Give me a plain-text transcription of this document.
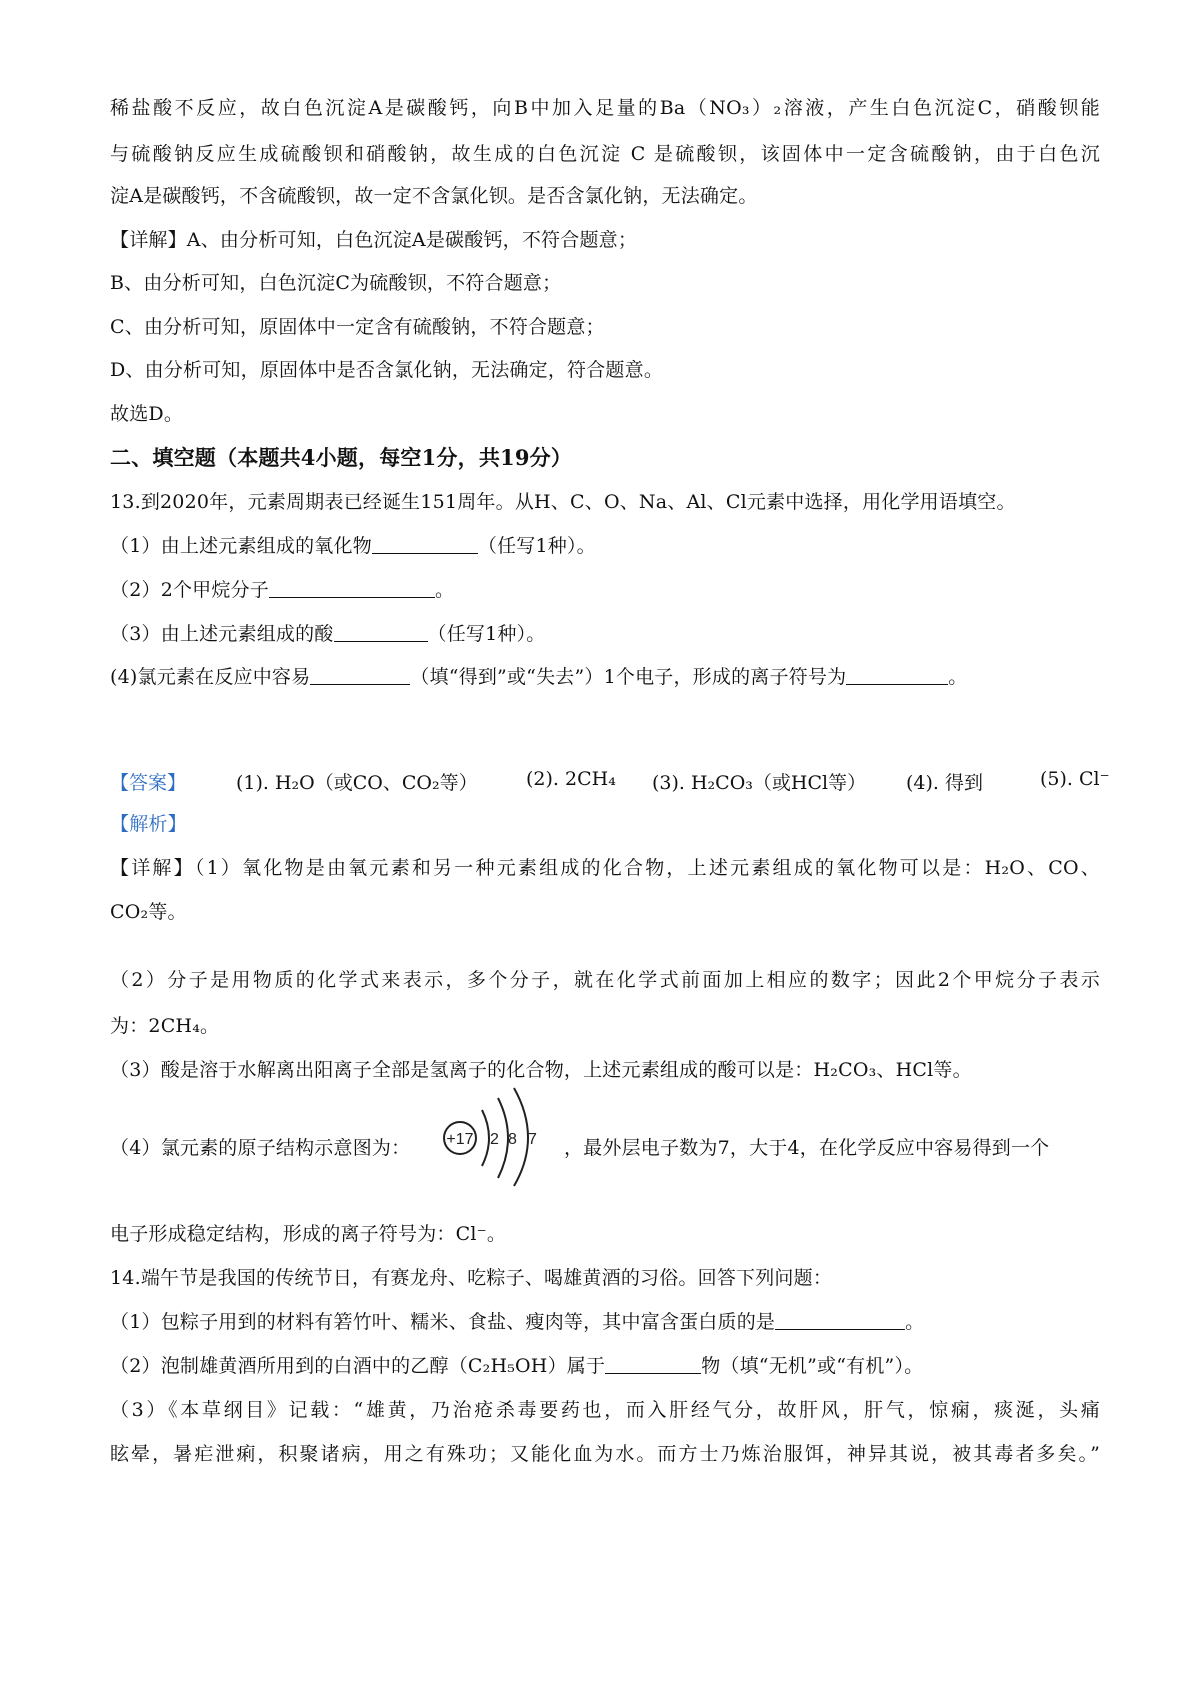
稀盐酸不反应，故白色沉淀A是碳酸钙，向B中加入足量的Ba（NO₃）₂溶液，产生白色沉淀C，硝酸钡能
与硫酸钠反应生成硫酸钡和硝酸钠，故生成的白色沉淀 C 是硫酸钡，该固体中一定含硫酸钠，由于白色沉
淀A是碳酸钙，不含硫酸钡，故一定不含氯化钡。是否含氯化钠，无法确定。
【详解】A、由分析可知，白色沉淀A是碳酸钙，不符合题意；
B、由分析可知，白色沉淀C为硫酸钡，不符合题意；
C、由分析可知，原固体中一定含有硫酸钠，不符合题意；
D、由分析可知，原固体中是否含氯化钠，无法确定，符合题意。
故选D。
二、填空题（本题共4小题，每空1分，共19分）
13.到2020年，元素周期表已经诞生151周年。从H、C、O、Na、Al、Cl元素中选择，用化学用语填空。
（1）由上述元素组成的氧化物	（任写1种）。
（2）2个甲烷分子	。
（3）由上述元素组成的酸	（任写1种）。
(4)氯元素在反应中容易	（填“得到”或“失去”）1个电子，形成的离子符号为	。
【答案】	(1). H₂O（或CO、CO₂等）	(2). 2CH₄ (3). H₂CO₃（或HCl等） (4). 得到	(5). Cl⁻
【解析】
【详解】（1）氧化物是由氧元素和另一种元素组成的化合物，上述元素组成的氧化物可以是：H₂O、CO、
CO₂等。
（2）分子是用物质的化学式来表示，多个分子，就在化学式前面加上相应的数字；因此2个甲烷分子表示
为：2CH₄。
（3）酸是溶于水解离出阳离子全部是氢离子的化合物，上述元素组成的酸可以是：H₂CO₃、HCl等。
（4）氯元素的原子结构示意图为：	，最外层电子数为7，大于4，在化学反应中容易得到一个
+17 2 8 7
电子形成稳定结构，形成的离子符号为：Cl⁻。
14.端午节是我国的传统节日，有赛龙舟、吃粽子、喝雄黄酒的习俗。回答下列问题：
（1）包粽子用到的材料有箬竹叶、糯米、食盐、瘦肉等，其中富含蛋白质的是	。
（2）泡制雄黄酒所用到的白酒中的乙醇（C₂H₅OH）属于	物（填“无机”或“有机”）。
（3）《本草纲目》记载：“雄黄，乃治疮杀毒要药也，而入肝经气分，故肝风，肝气，惊痫，痰涎，头痛
眩晕，暑疟泄痢，积聚诸病，用之有殊功；又能化血为水。而方士乃炼治服饵，神异其说，被其毒者多矣。”
